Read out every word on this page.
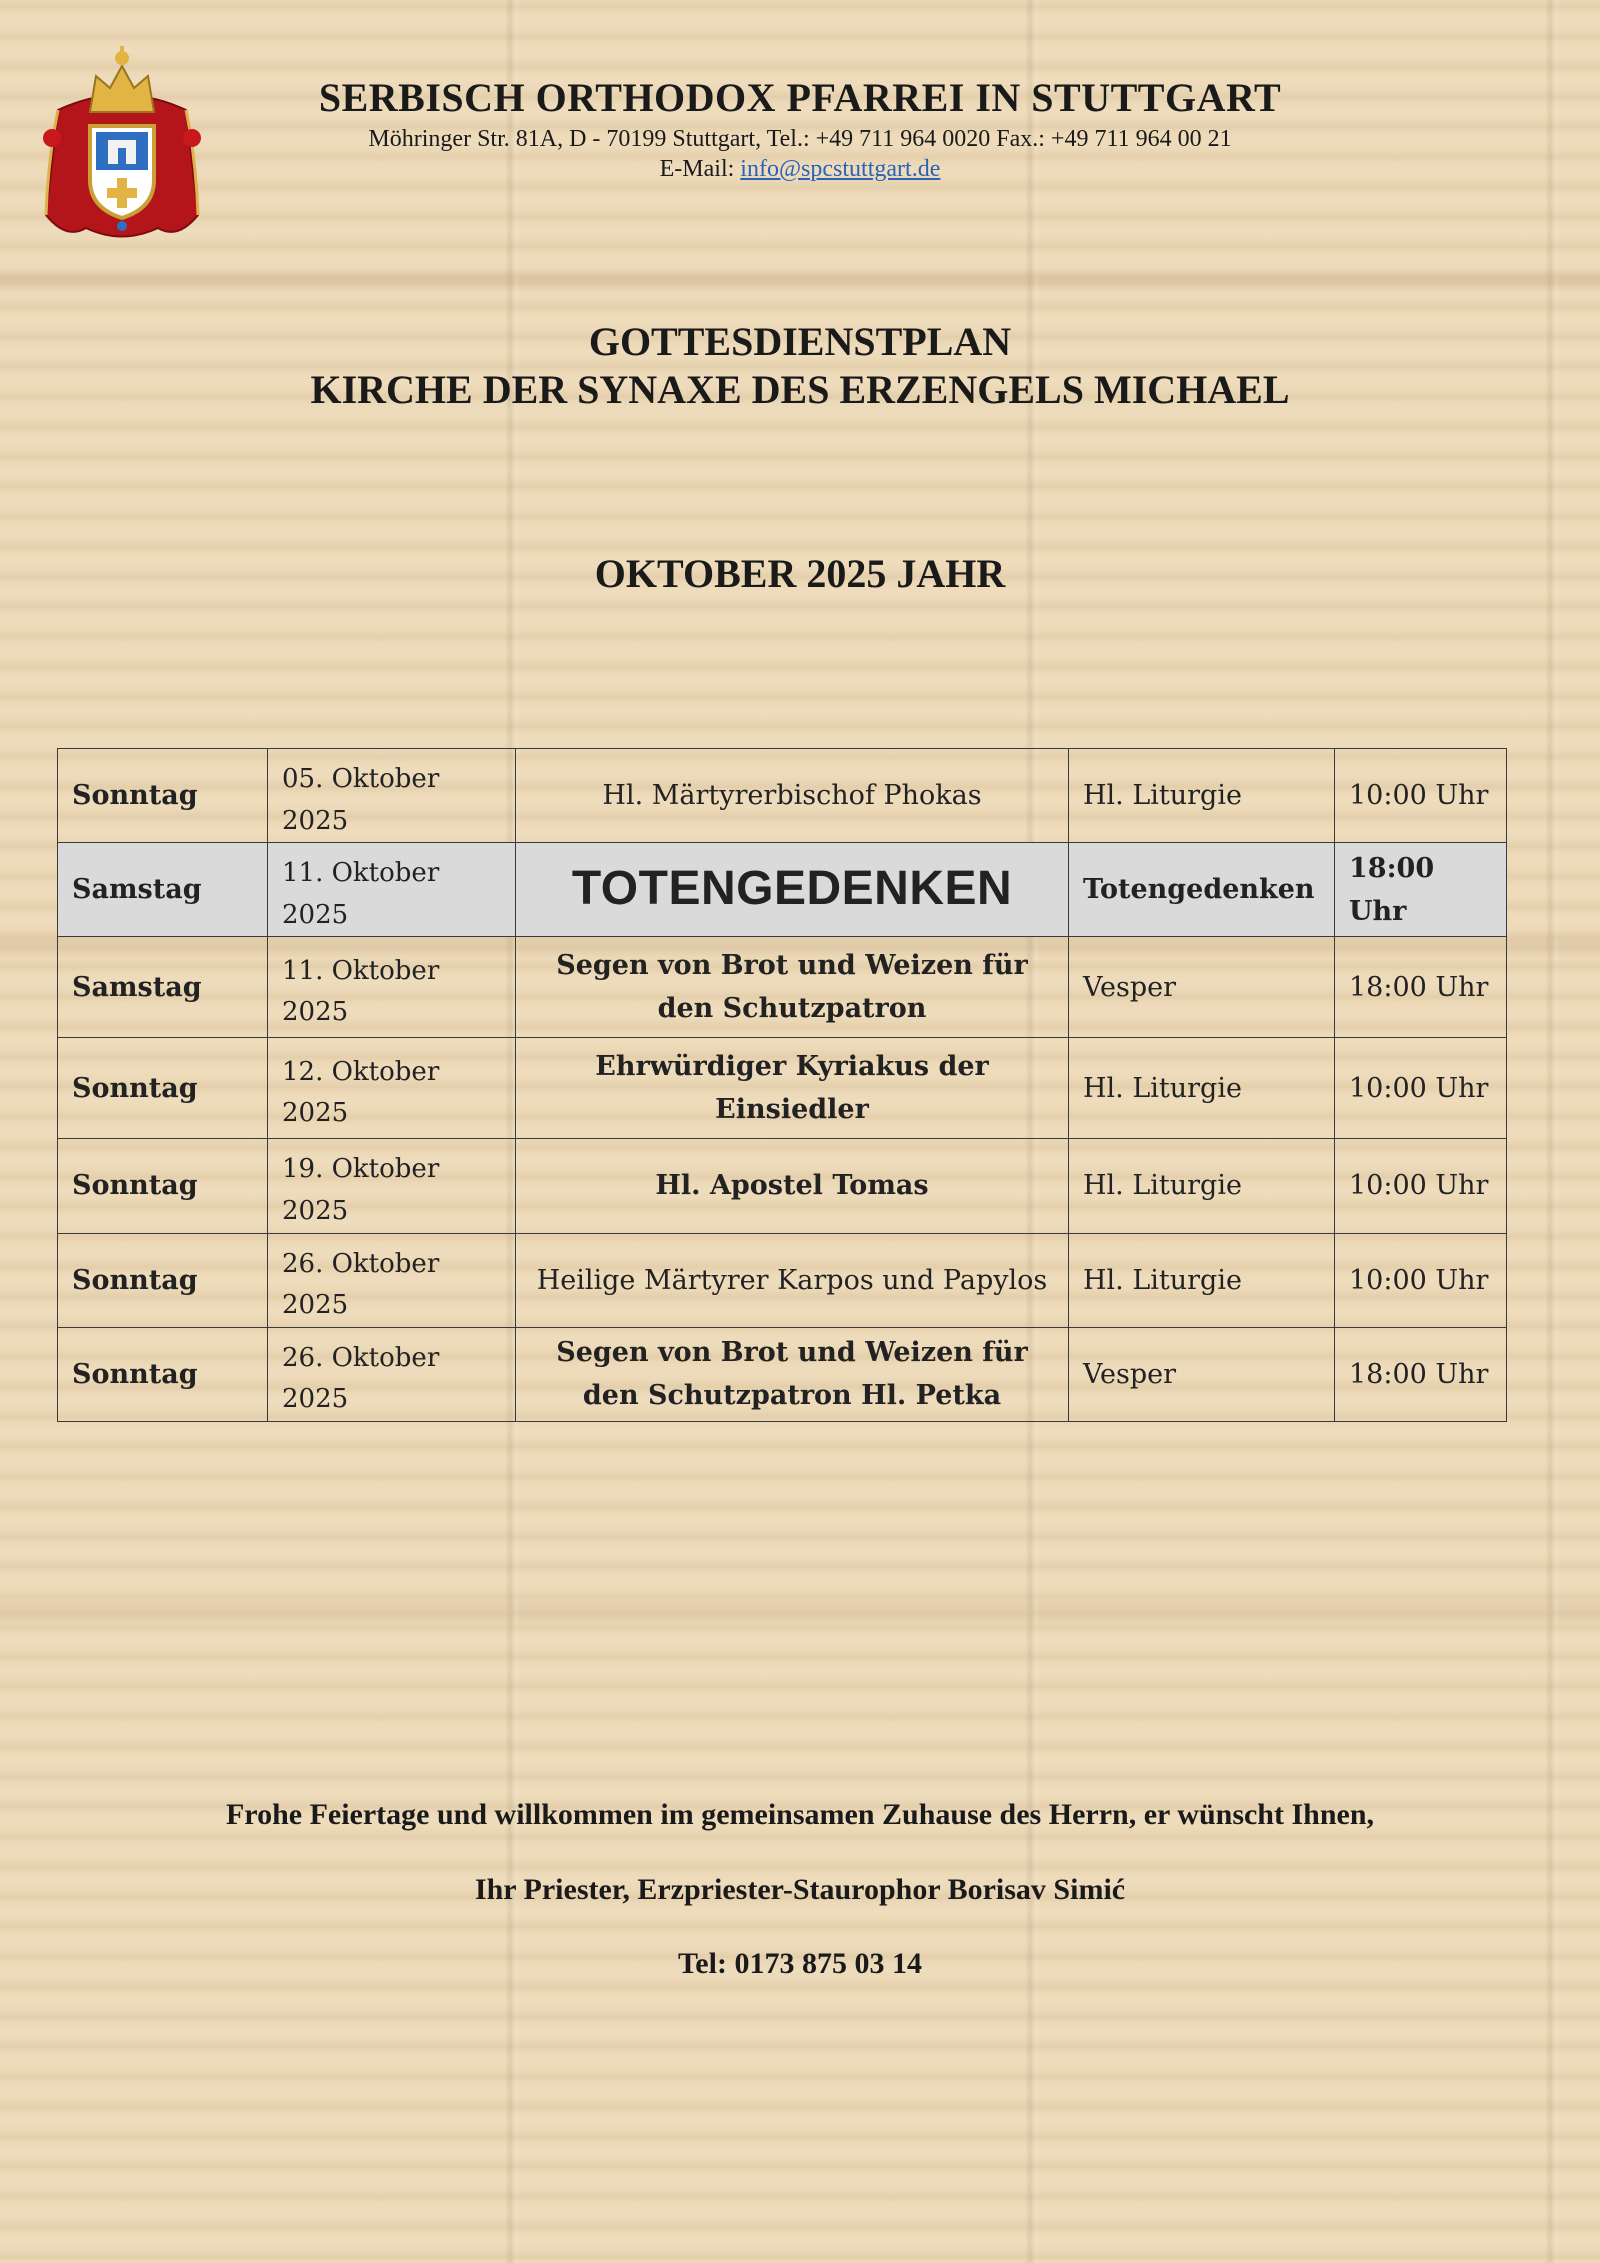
SERBISCH ORTHODOX PFARREI IN STUTTGART
Möhringer Str. 81A, D - 70199 Stuttgart, Tel.: +49 711 964 0020 Fax.: +49 711 964 00 21
E-Mail: info@spcstuttgart.de
GOTTESDIENSTPLAN
KIRCHE DER SYNAXE DES ERZENGELS MICHAEL
OKTOBER 2025 JAHR
Sonntag	05. Oktober 2025	Hl. Märtyrerbischof Phokas	Hl. Liturgie	10:00 Uhr
Samstag	11. Oktober 2025	TOTENGEDENKEN	Totengedenken	18:00 Uhr
Samstag	11. Oktober 2025	Segen von Brot und Weizen für den Schutzpatron	Vesper	18:00 Uhr
Sonntag	12. Oktober 2025	Ehrwürdiger Kyriakus der Einsiedler	Hl. Liturgie	10:00 Uhr
Sonntag	19. Oktober 2025	Hl. Apostel Tomas	Hl. Liturgie	10:00 Uhr
Sonntag	26. Oktober 2025	Heilige Märtyrer Karpos und Papylos	Hl. Liturgie	10:00 Uhr
Sonntag	26. Oktober 2025	Segen von Brot und Weizen für den Schutzpatron Hl. Petka	Vesper	18:00 Uhr
Frohe Feiertage und willkommen im gemeinsamen Zuhause des Herrn, er wünscht Ihnen,
Ihr Priester, Erzpriester-Staurophor Borisav Simić
Tel: 0173 875 03 14
